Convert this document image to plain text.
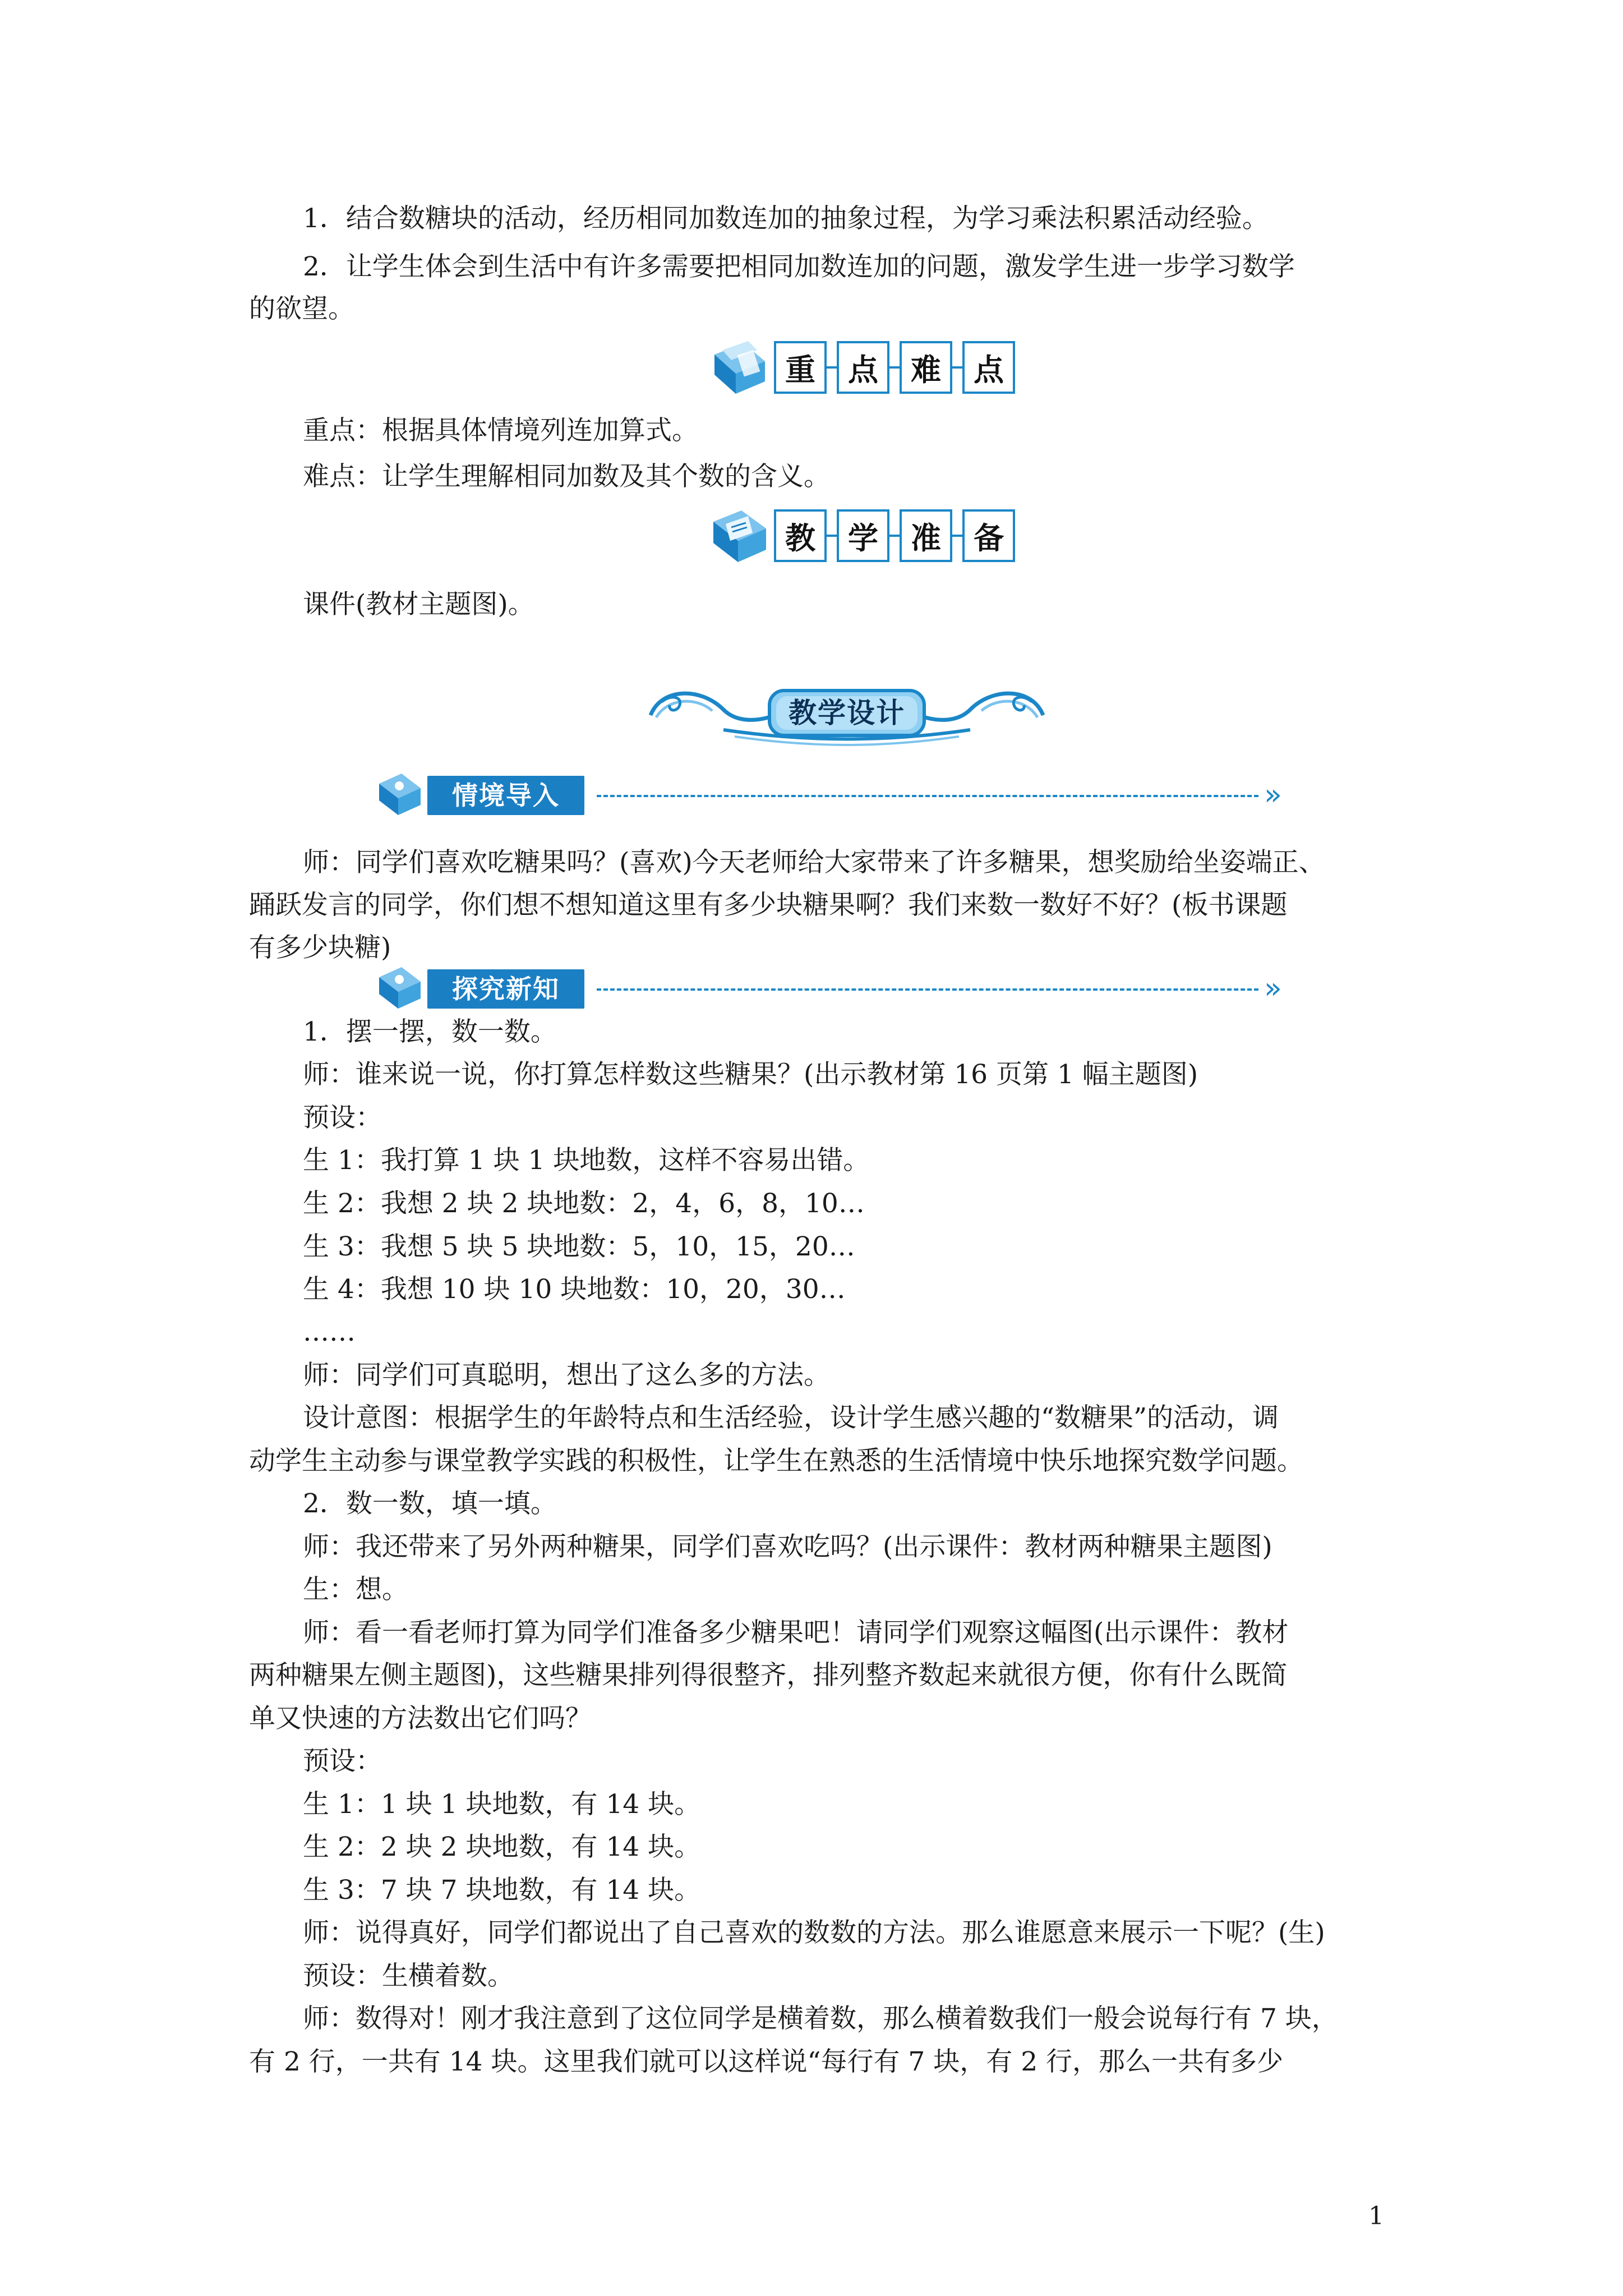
1．结合数糖块的活动，经历相同加数连加的抽象过程，为学习乘法积累活动经验。
2．让学生体会到生活中有许多需要把相同加数连加的问题，激发学生进一步学习数学
的欲望。
重	点	难	点
重点：根据具体情境列连加算式。
难点：让学生理解相同加数及其个数的含义。
教	学	准	备
课件(教材主题图)。
教学设计
情境导入	»
师：同学们喜欢吃糖果吗？(喜欢)今天老师给大家带来了许多糖果，想奖励给坐姿端正、
踊跃发言的同学，你们想不想知道这里有多少块糖果啊？我们来数一数好不好？(板书课题
有多少块糖)
探究新知	»
1．摆一摆，数一数。
师：谁来说一说，你打算怎样数这些糖果？(出示教材第 16 页第 1 幅主题图)
预设：
生 1：我打算 1 块 1 块地数，这样不容易出错。
生 2：我想 2 块 2 块地数：2，4，6，8，10…
生 3：我想 5 块 5 块地数：5，10，15，20…
生 4：我想 10 块 10 块地数：10，20，30…
……
师：同学们可真聪明，想出了这么多的方法。
设计意图：根据学生的年龄特点和生活经验，设计学生感兴趣的“数糖果”的活动，调
动学生主动参与课堂教学实践的积极性，让学生在熟悉的生活情境中快乐地探究数学问题。
2．数一数，填一填。
师：我还带来了另外两种糖果，同学们喜欢吃吗？(出示课件：教材两种糖果主题图)
生：想。
师：看一看老师打算为同学们准备多少糖果吧！请同学们观察这幅图(出示课件：教材
两种糖果左侧主题图)，这些糖果排列得很整齐，排列整齐数起来就很方便，你有什么既简
单又快速的方法数出它们吗？
预设：
生 1：1 块 1 块地数，有 14 块。
生 2：2 块 2 块地数，有 14 块。
生 3：7 块 7 块地数，有 14 块。
师：说得真好，同学们都说出了自己喜欢的数数的方法。那么谁愿意来展示一下呢？(生)
预设：生横着数。
师：数得对！刚才我注意到了这位同学是横着数，那么横着数我们一般会说每行有 7 块，
有 2 行，一共有 14 块。这里我们就可以这样说“每行有 7 块，有 2 行，那么一共有多少
1
